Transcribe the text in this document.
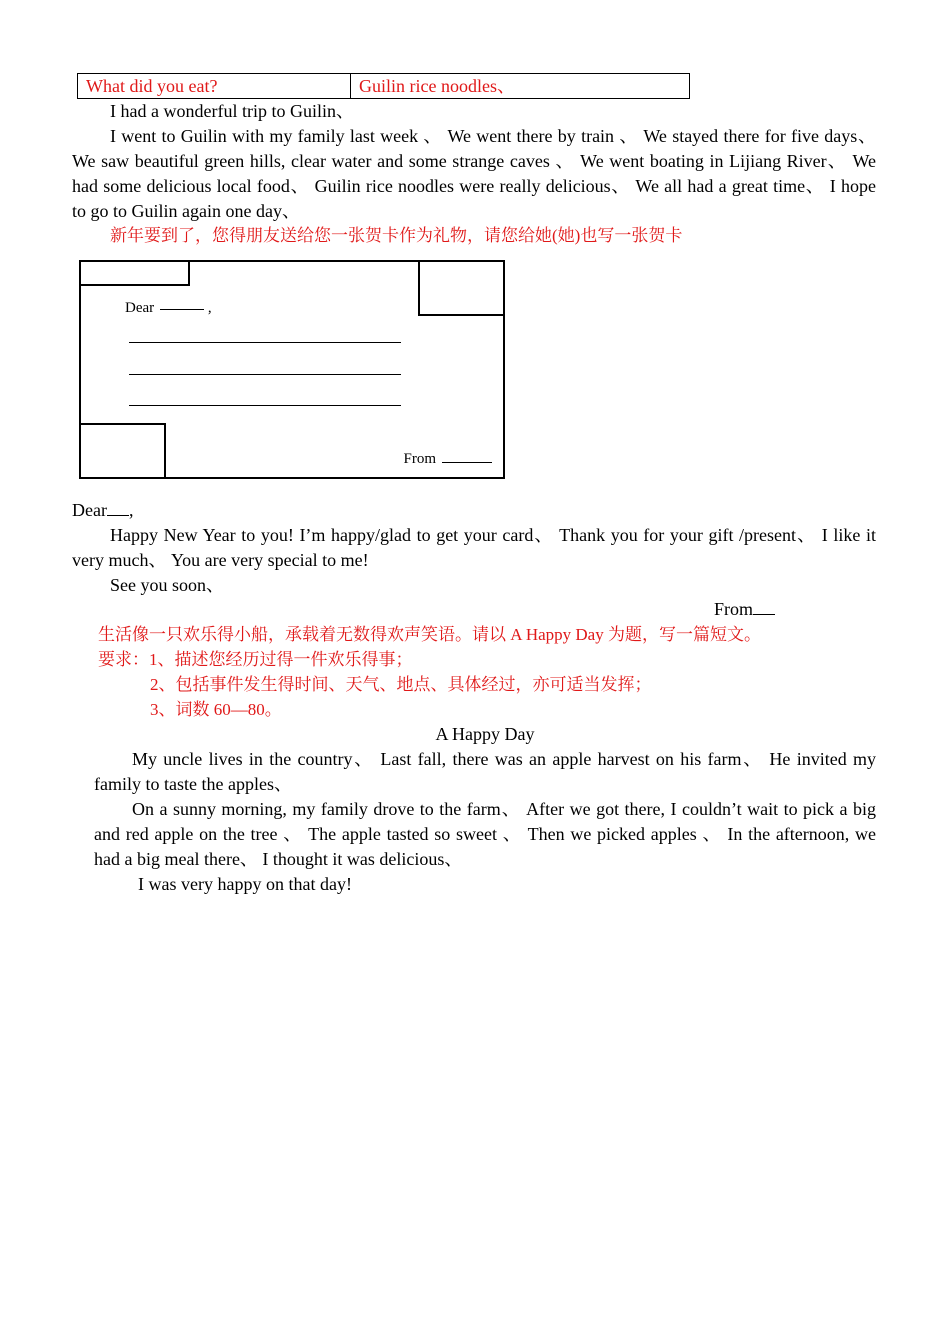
What did you eat?	Guilin rice noodles、
I had a wonderful trip to Guilin、
I went to Guilin with my family last week 、 We went there by train 、 We stayed there for five days、 We saw beautiful green hills, clear water and some strange caves 、 We went boating in Lijiang River、 We had some delicious local food、 Guilin rice noodles were really delicious、 We all had a great time、 I hope to go to Guilin again one day、
新年要到了，您得朋友送给您一张贺卡作为礼物，请您给她(她)也写一张贺卡
Dear	,
From
Dear ,
Happy New Year to you! I’m happy/glad to get your card、 Thank you for your gift /present、 I like it very much、 You are very special to me!
See you soon、
From
生活像一只欢乐得小船，承载着无数得欢声笑语。请以 A Happy Day 为题，写一篇短文。
要求：1、描述您经历过得一件欢乐得事；
2、包括事件发生得时间、天气、地点、具体经过，亦可适当发挥；
3、词数 60—80。
A Happy Day
My uncle lives in the country、 Last fall, there was an apple harvest on his farm、 He invited my family to taste the apples、
On a sunny morning, my family drove to the farm、 After we got there, I couldn’t wait to pick a big and red apple on the tree 、 The apple tasted so sweet 、 Then we picked apples 、 In the afternoon, we had a big meal there、 I thought it was delicious、
I was very happy on that day!
